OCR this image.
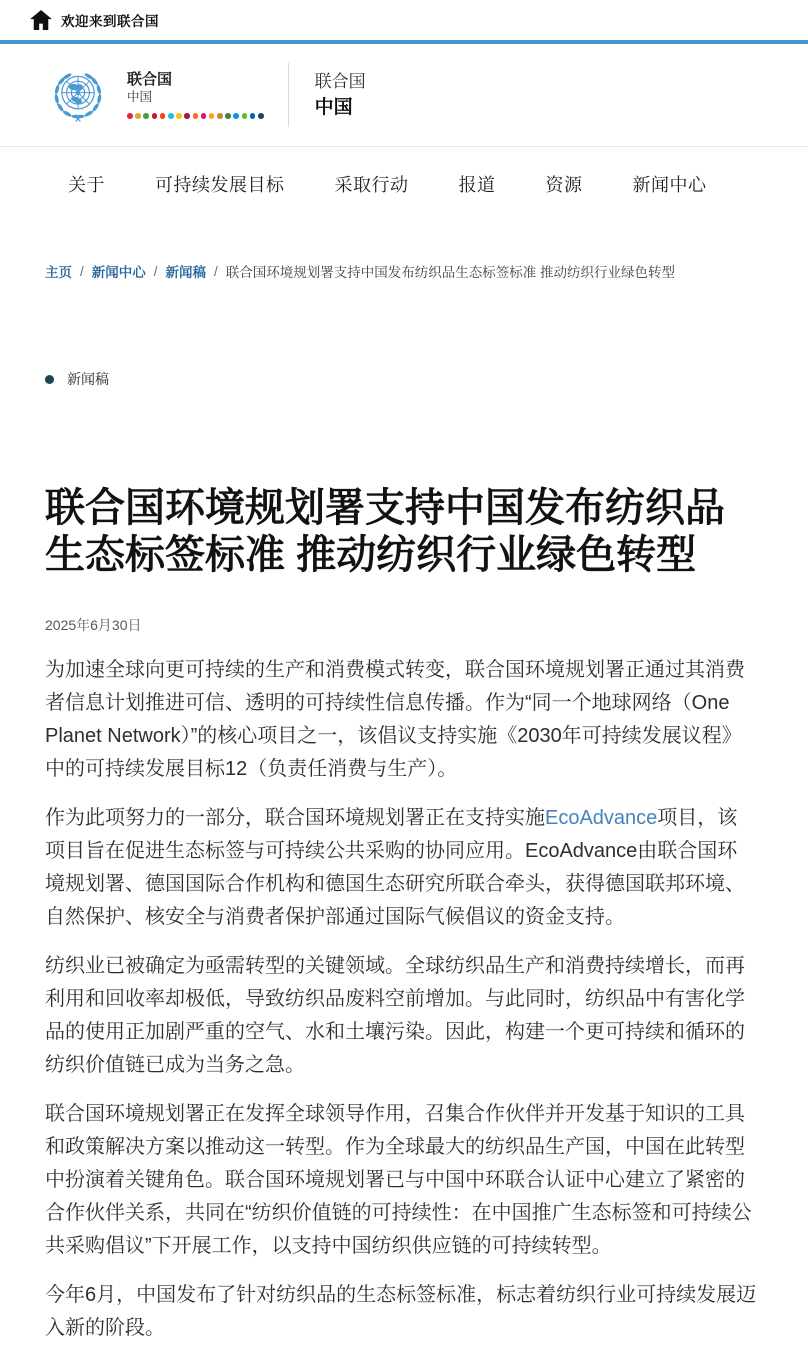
欢迎来到联合国
联合国
中国
联合国
中国
关于	可持续发展目标	采取行动	报道	资源	新闻中心
主页 / 新闻中心 / 新闻稿 / 联合国环境规划署支持中国发布纺织品生态标签标准 推动纺织行业绿色转型
新闻稿
联合国环境规划署支持中国发布纺织品生态标签标准 推动纺织行业绿色转型
2025年6月30日

为加速全球向更可持续的生产和消费模式转变，联合国环境规划署正通过其消费者信息计划推进可信、透明的可持续性信息传播。作为“同一个地球网络（One Planet Network）”的核心项目之一，该倡议支持实施《2030年可持续发展议程》中的可持续发展目标12（负责任消费与生产）。

作为此项努力的一部分，联合国环境规划署正在支持实施EcoAdvance项目，该项目旨在促进生态标签与可持续公共采购的协同应用。EcoAdvance由联合国环境规划署、德国国际合作机构和德国生态研究所联合牵头，获得德国联邦环境、自然保护、核安全与消费者保护部通过国际气候倡议的资金支持。

纺织业已被确定为亟需转型的关键领域。全球纺织品生产和消费持续增长，而再利用和回收率却极低，导致纺织品废料空前增加。与此同时，纺织品中有害化学品的使用正加剧严重的空气、水和土壤污染。因此，构建一个更可持续和循环的纺织价值链已成为当务之急。

联合国环境规划署正在发挥全球领导作用，召集合作伙伴并开发基于知识的工具和政策解决方案以推动这一转型。作为全球最大的纺织品生产国，中国在此转型中扮演着关键角色。联合国环境规划署已与中国中环联合认证中心建立了紧密的合作伙伴关系，共同在“纺织价值链的可持续性：在中国推广生态标签和可持续公共采购倡议”下开展工作，以支持中国纺织供应链的可持续转型。

今年6月，中国发布了针对纺织品的生态标签标准，标志着纺织行业可持续发展迈入新的阶段。
